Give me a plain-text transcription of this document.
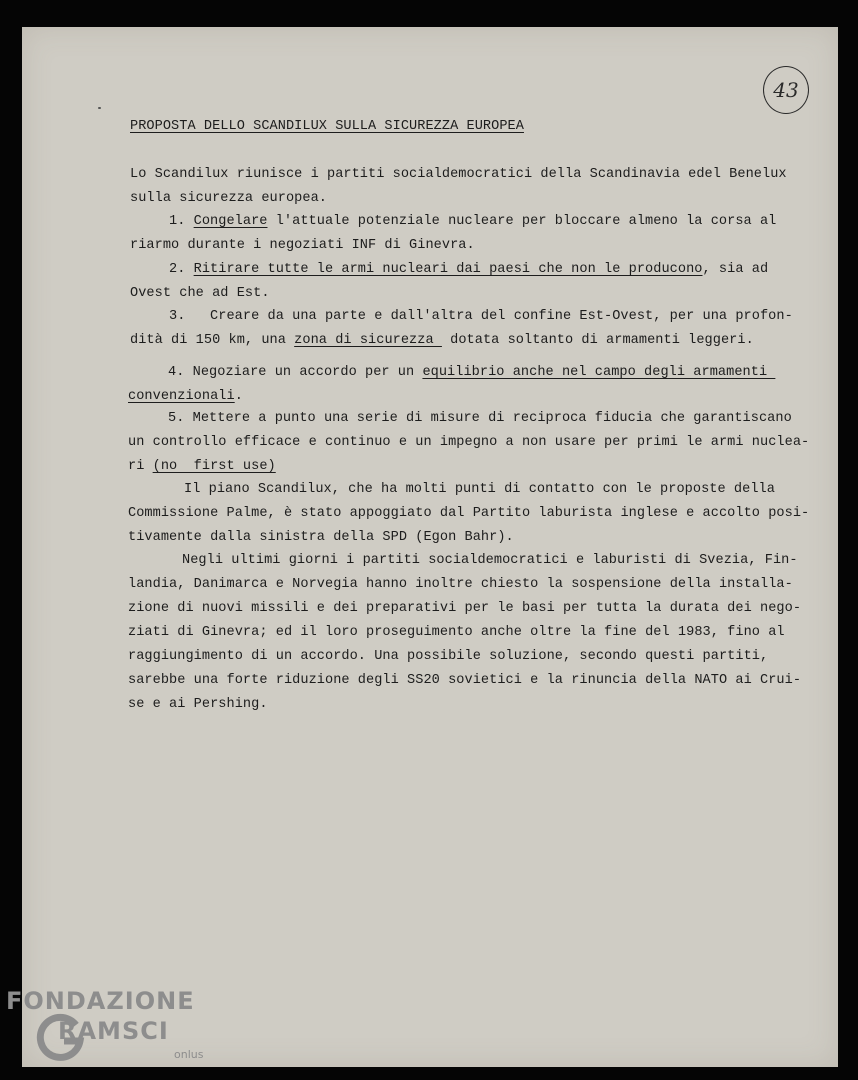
43
PROPOSTA DELLO SCANDILUX SULLA SICUREZZA EUROPEA
Lo Scandilux riunisce i partiti socialdemocratici della Scandinavia edel Benelux
sulla sicurezza europea.
1. Congelare l'attuale potenziale nucleare per bloccare almeno la corsa al
riarmo durante i negoziati INF di Ginevra.
2. Ritirare tutte le armi nucleari dai paesi che non le producono, sia ad
Ovest che ad Est.
3.   Creare da una parte e dall'altra del confine Est-Ovest, per una profon-
dità di 150 km, una zona di sicurezza  dotata soltanto di armamenti leggeri.
4. Negoziare un accordo per un equilibrio anche nel campo degli armamenti
convenzionali.
5. Mettere a punto una serie di misure di reciproca fiducia che garantiscano
un controllo efficace e continuo e un impegno a non usare per primi le armi nuclea-
ri (no  first use)
Il piano Scandilux, che ha molti punti di contatto con le proposte della
Commissione Palme, è stato appoggiato dal Partito laburista inglese e accolto posi-
tivamente dalla sinistra della SPD (Egon Bahr).
Negli ultimi giorni i partiti socialdemocratici e laburisti di Svezia, Fin-
landia, Danimarca e Norvegia hanno inoltre chiesto la sospensione della installa-
zione di nuovi missili e dei preparativi per le basi per tutta la durata dei nego-
ziati di Ginevra; ed il loro proseguimento anche oltre la fine del 1983, fino al
raggiungimento di un accordo. Una possibile soluzione, secondo questi partiti,
sarebbe una forte riduzione degli SS20 sovietici e la rinuncia della NATO ai Crui-
se e ai Pershing.
FONDAZIONE
RAMSCI
onlus
